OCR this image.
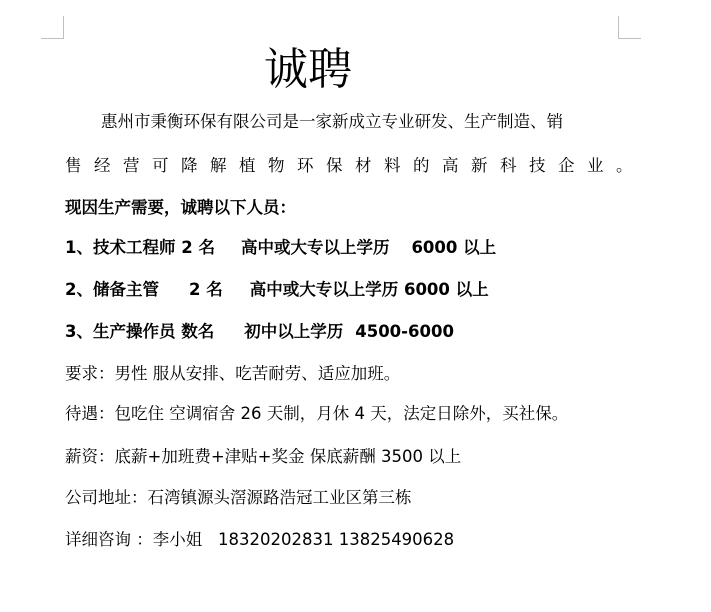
诚聘
惠州市秉衡环保有限公司是一家新成立专业研发、生产制造、销
售经营可降解植物环保材料的高新科技企业。
现因生产需要，诚聘以下人员：
1、技术工程师 2 名 高中或大专以上学历 6000 以上
2、储备主管 2 名 高中或大专以上学历 6000 以上
3、生产操作员 数名 初中以上学历 4500-6000
要求：男性 服从安排、吃苦耐劳、适应加班。
待遇：包吃住 空调宿舍 26 天制，月休 4 天，法定日除外，买社保。
薪资：底薪+加班费+津贴+奖金 保底薪酬 3500 以上
公司地址：石湾镇源头滘源路浩冠工业区第三栋
详细咨询 ：李小姐   18320202831 13825490628
